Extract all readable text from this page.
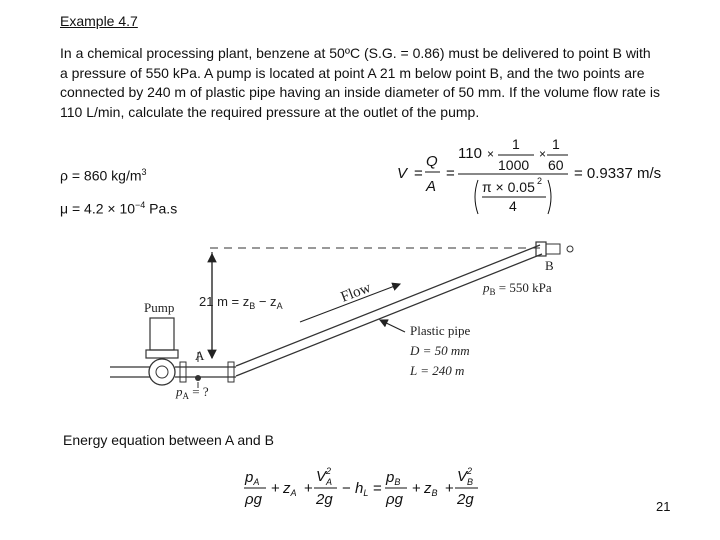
Example 4.7
In a chemical processing plant, benzene at 50ºC (S.G. = 0.86) must be delivered to point B with a pressure of 550 kPa. A pump is located at point A 21 m below point B, and the two points are connected by 240 m of plastic pipe having an inside diameter of 50 mm. If the volume flow rate is 110 L/min, calculate the required pressure at the outlet of the pump.
ρ = 860 $kg/m^3$
$\mu = 4.2 \times 10^{-4}$ Pa.s
V =
Q
A
=
110 ×
1
1000
×
1
60
π × 0.05 2
4
= 0.9337 m/s
Pump
A
B
Flow
Plastic pipe
D = 50 mm
L = 240 m
$p_A$ = ?
$p_B = 550$ kPa
21 $m = z_B - z_A$
Energy equation between A and B
$p_A$
ρg
+ $z_A$ +
$V^2$ A
2g
− $h_L$ =
$p_B$
ρg
+ $z_B$ +
$V^2$ B
2g	21
